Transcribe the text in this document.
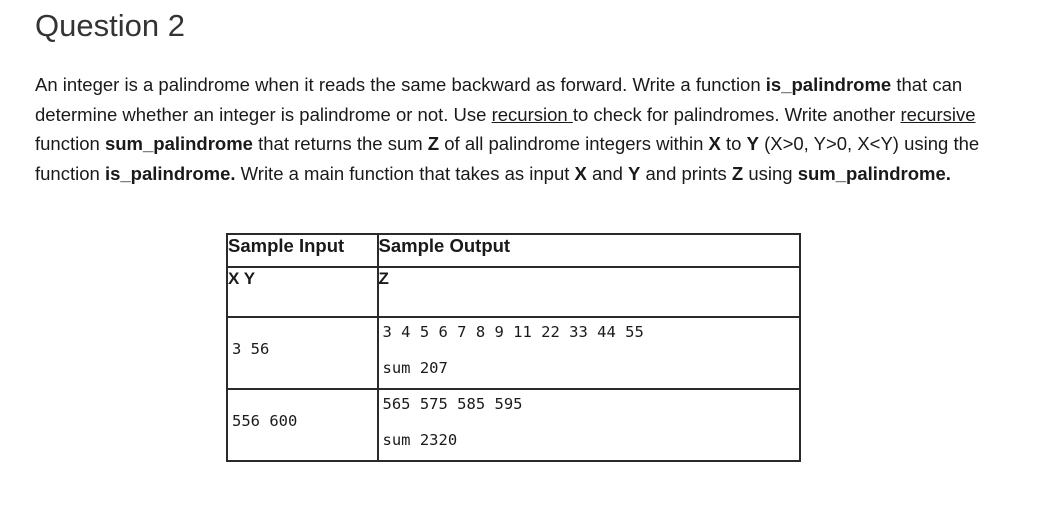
Question 2

An integer is a palindrome when it reads the same backward as forward. Write a function is_palindrome that can determine whether an integer is palindrome or not. Use recursion to check for palindromes. Write another recursive function sum_palindrome that returns the sum Z of all palindrome integers within X to Y (X>0, Y>0, X<Y) using the function is_palindrome. Write a main function that takes as input X and Y and prints Z using sum_palindrome.

Sample Input	Sample Output
X Y	Z

3 56	3 4 5 6 7 8 9 11 22 33 44 55
sum 207

556 600	565 575 585 595
sum 2320
